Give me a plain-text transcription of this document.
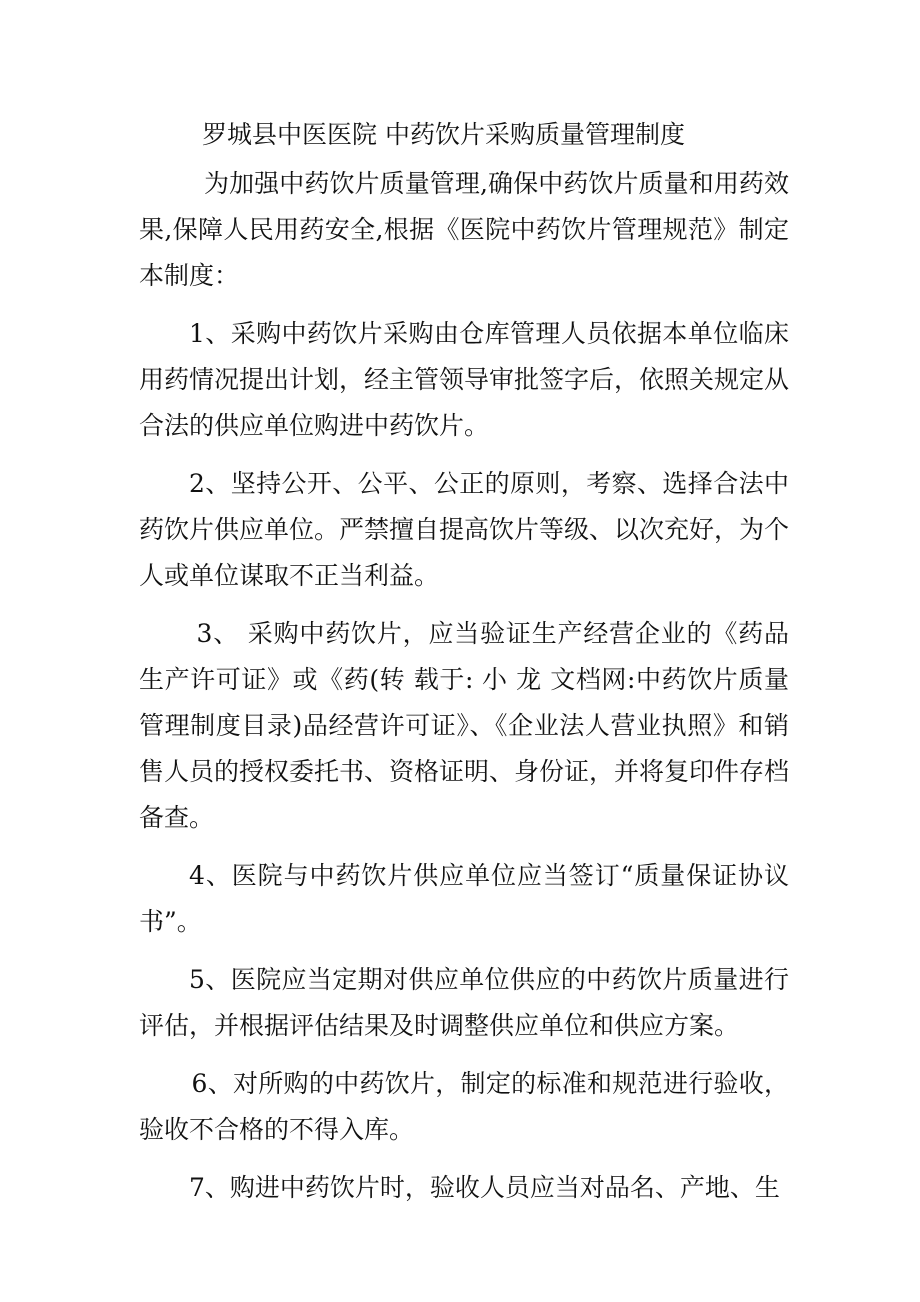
罗城县中医医院 中药饮片采购质量管理制度

为加强中药饮片质量管理,确保中药饮片质量和用药效果,保障人民用药安全,根据《医院中药饮片管理规范》制定本制度：

1、采购中药饮片采购由仓库管理人员依据本单位临床用药情况提出计划，经主管领导审批签字后，依照关规定从合法的供应单位购进中药饮片。

2、坚持公开、公平、公正的原则，考察、选择合法中药饮片供应单位。严禁擅自提高饮片等级、以次充好，为个人或单位谋取不正当利益。

3、 采购中药饮片，应当验证生产经营企业的《药品生产许可证》或《药(转 载于: 小 龙 文档网:中药饮片质量管理制度目录)品经营许可证》、《企业法人营业执照》和销售人员的授权委托书、资格证明、身份证，并将复印件存档备查。

4、医院与中药饮片供应单位应当签订“质量保证协议书”。

5、医院应当定期对供应单位供应的中药饮片质量进行评估，并根据评估结果及时调整供应单位和供应方案。

6、对所购的中药饮片，制定的标准和规范进行验收，验收不合格的不得入库。

7、购进中药饮片时，验收人员应当对品名、产地、生
